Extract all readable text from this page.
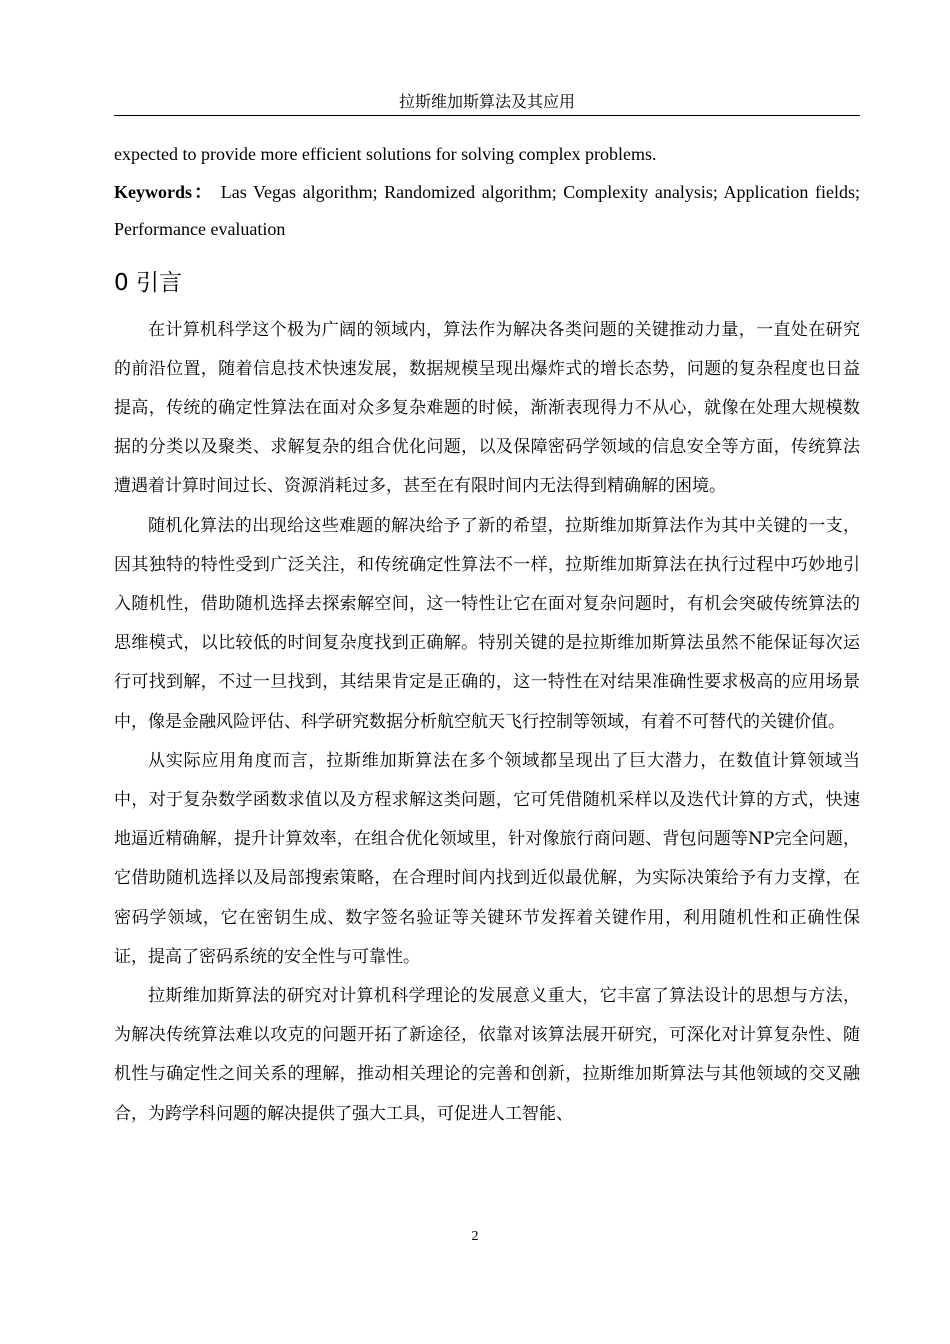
拉斯维加斯算法及其应用

expected to provide more efficient solutions for solving complex problems.

Keywords： Las Vegas algorithm; Randomized algorithm; Complexity analysis; Application fields; Performance evaluation

0 引言

在计算机科学这个极为广阔的领域内，算法作为解决各类问题的关键推动力量，一直处在研究的前沿位置，随着信息技术快速发展，数据规模呈现出爆炸式的增长态势，问题的复杂程度也日益提高，传统的确定性算法在面对众多复杂难题的时候，渐渐表现得力不从心，就像在处理大规模数据的分类以及聚类、求解复杂的组合优化问题，以及保障密码学领域的信息安全等方面，传统算法遭遇着计算时间过长、资源消耗过多，甚至在有限时间内无法得到精确解的困境。

随机化算法的出现给这些难题的解决给予了新的希望，拉斯维加斯算法作为其中关键的一支，因其独特的特性受到广泛关注，和传统确定性算法不一样，拉斯维加斯算法在执行过程中巧妙地引入随机性，借助随机选择去探索解空间，这一特性让它在面对复杂问题时，有机会突破传统算法的思维模式，以比较低的时间复杂度找到正确解。特别关键的是拉斯维加斯算法虽然不能保证每次运行可找到解，不过一旦找到，其结果肯定是正确的，这一特性在对结果准确性要求极高的应用场景中，像是金融风险评估、科学研究数据分析航空航天飞行控制等领域，有着不可替代的关键价值。

从实际应用角度而言，拉斯维加斯算法在多个领域都呈现出了巨大潜力，在数值计算领域当中，对于复杂数学函数求值以及方程求解这类问题，它可凭借随机采样以及迭代计算的方式，快速地逼近精确解，提升计算效率，在组合优化领域里，针对像旅行商问题、背包问题等NP完全问题，它借助随机选择以及局部搜索策略，在合理时间内找到近似最优解，为实际决策给予有力支撑，在密码学领域，它在密钥生成、数字签名验证等关键环节发挥着关键作用，利用随机性和正确性保证，提高了密码系统的安全性与可靠性。

拉斯维加斯算法的研究对计算机科学理论的发展意义重大，它丰富了算法设计的思想与方法，为解决传统算法难以攻克的问题开拓了新途径，依靠对该算法展开研究，可深化对计算复杂性、随机性与确定性之间关系的理解，推动相关理论的完善和创新，拉斯维加斯算法与其他领域的交叉融合，为跨学科问题的解决提供了强大工具，可促进人工智能、

2
